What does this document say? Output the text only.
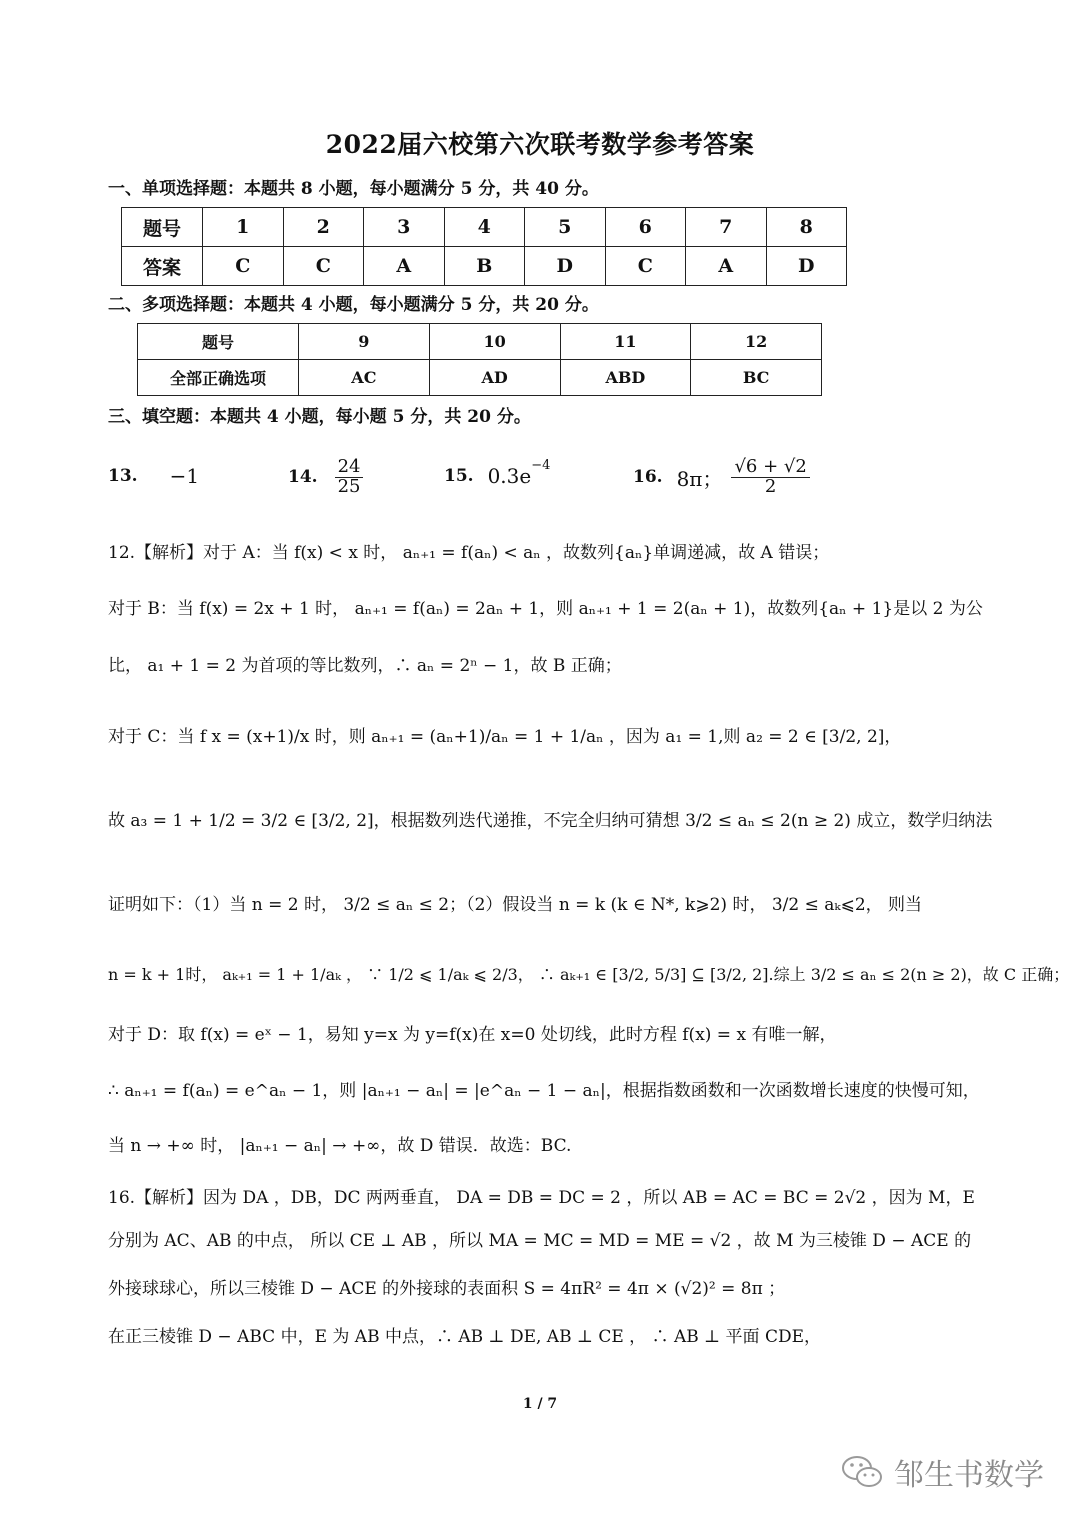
2022届六校第六次联考数学参考答案
一、单项选择题：本题共 8 小题，每小题满分 5 分，共 40 分。
题号	1	2	3	4	5	6	7	8
答案	C	C	A	B	D	C	A	D
二、多项选择题：本题共 4 小题，每小题满分 5 分，共 20 分。
题号	9	10	11	12
全部正确选项	AC	AD	ABD	BC
三、填空题：本题共 4 小题，每小题 5 分，共 20 分。
13. −1	14. $\frac{24}{25}$	15. $0.3e^{-4}$
16. 8π； $\frac{√6 + √2}{2}$
12.【解析】对于 A：当 f(x) < x 时， aₙ₊₁ = f(aₙ) < aₙ ，故数列{aₙ}单调递减，故 A 错误；
对于 B：当 f(x) = 2x + 1 时， aₙ₊₁ = f(aₙ) = 2aₙ + 1，则 aₙ₊₁ + 1 = 2(aₙ + 1)，故数列{aₙ + 1}是以 2 为公
比， a₁ + 1 = 2 为首项的等比数列，∴ aₙ = 2ⁿ − 1，故 B 正确；
对于 C：当 f x = (x+1)/x 时，则 aₙ₊₁ = (aₙ+1)/aₙ = 1 + 1/aₙ ，因为 a₁ = 1,则 a₂ = 2 ∈ [3/2, 2]，
故 a₃ = 1 + 1/2 = 3/2 ∈ [3/2, 2]，根据数列迭代递推，不完全归纳可猜想 3/2 ≤ aₙ ≤ 2(n ≥ 2) 成立，数学归纳法
证明如下：（1）当 n = 2 时， 3/2 ≤ aₙ ≤ 2；（2）假设当 n = k (k ∈ N*, k⩾2) 时， 3/2 ≤ aₖ⩽2， 则当
n = k + 1时， aₖ₊₁ = 1 + 1/aₖ ， ∵ 1/2 ⩽ 1/aₖ ⩽ 2/3， ∴ aₖ₊₁ ∈ [3/2, 5/3] ⊆ [3/2, 2].综上 3/2 ≤ aₙ ≤ 2(n ≥ 2)，故 C 正确；
对于 D：取 f(x) = eˣ − 1，易知 y=x 为 y=f(x)在 x=0 处切线，此时方程 f(x) = x 有唯一解，
∴ aₙ₊₁ = f(aₙ) = e^aₙ − 1，则 |aₙ₊₁ − aₙ| = |e^aₙ − 1 − aₙ|，根据指数函数和一次函数增长速度的快慢可知，
当 n → +∞ 时， |aₙ₊₁ − aₙ| → +∞，故 D 错误．故选：BC.
16.【解析】因为 DA ，DB，DC 两两垂直， DA = DB = DC = 2 ，所以 AB = AC = BC = 2√2 ，因为 M，E
分别为 AC、AB 的中点， 所以 CE ⊥ AB ，所以 MA = MC = MD = ME = √2 ，故 M 为三棱锥 D − ACE 的
外接球球心，所以三棱锥 D − ACE 的外接球的表面积 S = 4πR² = 4π × (√2)² = 8π ；
在正三棱锥 D − ABC 中，E 为 AB 中点，∴ AB ⊥ DE, AB ⊥ CE ， ∴ AB ⊥ 平面 CDE，
1 / 7
邹生书数学
